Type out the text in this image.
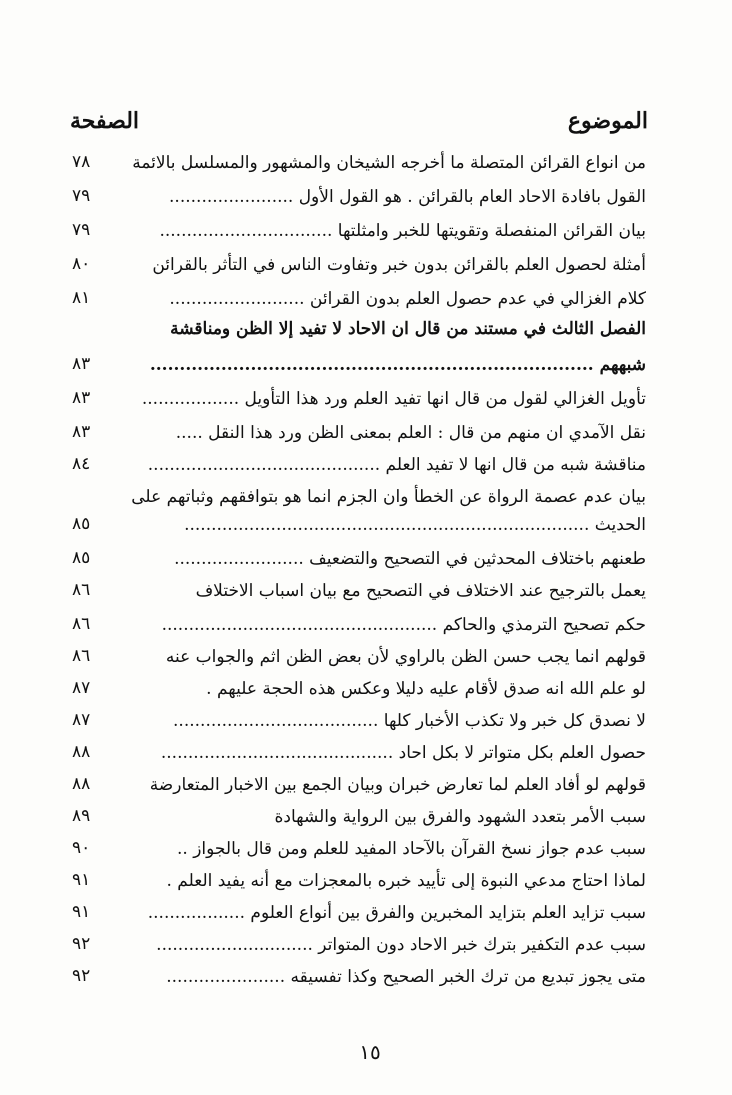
الموضوع
الصفحة
من انواع القرائن المتصلة ما أخرجه الشيخان والمشهور والمسلسل بالائمة
٧٨
القول بافادة الاحاد العام بالقرائن . هو القول الأول .......................
٧٩
بيان القرائن المنفصلة وتقويتها للخبر وامثلتها ................................
٧٩
أمثلة لحصول العلم بالقرائن بدون خبر وتفاوت الناس في التأثر بالقرائن
٨٠
كلام الغزالي في عدم حصول العلم بدون القرائن .........................
٨١
الفصل الثالث في مستند من قال ان الاحاد لا تفيد إلا الظن ومناقشة
شبههم ...........................................................................
٨٣
تأويل الغزالي لقول من قال انها تفيد العلم ورد هذا التأويل ..................
٨٣
نقل الآمدي ان منهم من قال : العلم بمعنى الظن ورد هذا النقل .....
٨٣
مناقشة شبه من قال انها لا تفيد العلم ...........................................
٨٤
بيان عدم عصمة الرواة عن الخطأ وان الجزم انما هو بتوافقهم وثباتهم على
الحديث ...........................................................................
٨٥
طعنهم باختلاف المحدثين في التصحيح والتضعيف ........................
٨٥
يعمل بالترجيح عند الاختلاف في التصحيح مع بيان اسباب الاختلاف
٨٦
حكم تصحيح الترمذي والحاكم ...................................................
٨٦
قولهم انما يجب حسن الظن بالراوي لأن بعض الظن اثم والجواب عنه
٨٦
لو علم الله انه صدق لأقام عليه دليلا وعكس هذه الحجة عليهم .
٨٧
لا نصدق كل خبر ولا تكذب الأخبار كلها ......................................
٨٧
حصول العلم بكل متواتر لا بكل احاد ...........................................
٨٨
قولهم لو أفاد العلم لما تعارض خبران وبيان الجمع بين الاخبار المتعارضة
٨٨
سبب الأمر بتعدد الشهود والفرق بين الرواية والشهادة
٨٩
سبب عدم جواز نسخ القرآن بالآحاد المفيد للعلم ومن قال بالجواز ..
٩٠
لماذا احتاج مدعي النبوة إلى تأييد خبره بالمعجزات مع أنه يفيد العلم .
٩١
سبب تزايد العلم بتزايد المخبرين والفرق بين أنواع العلوم ..................
٩١
سبب عدم التكفير بترك خبر الاحاد دون المتواتر .............................
٩٢
متى يجوز تبديع من ترك الخبر الصحيح وكذا تفسيقه ......................
٩٢
١٥
